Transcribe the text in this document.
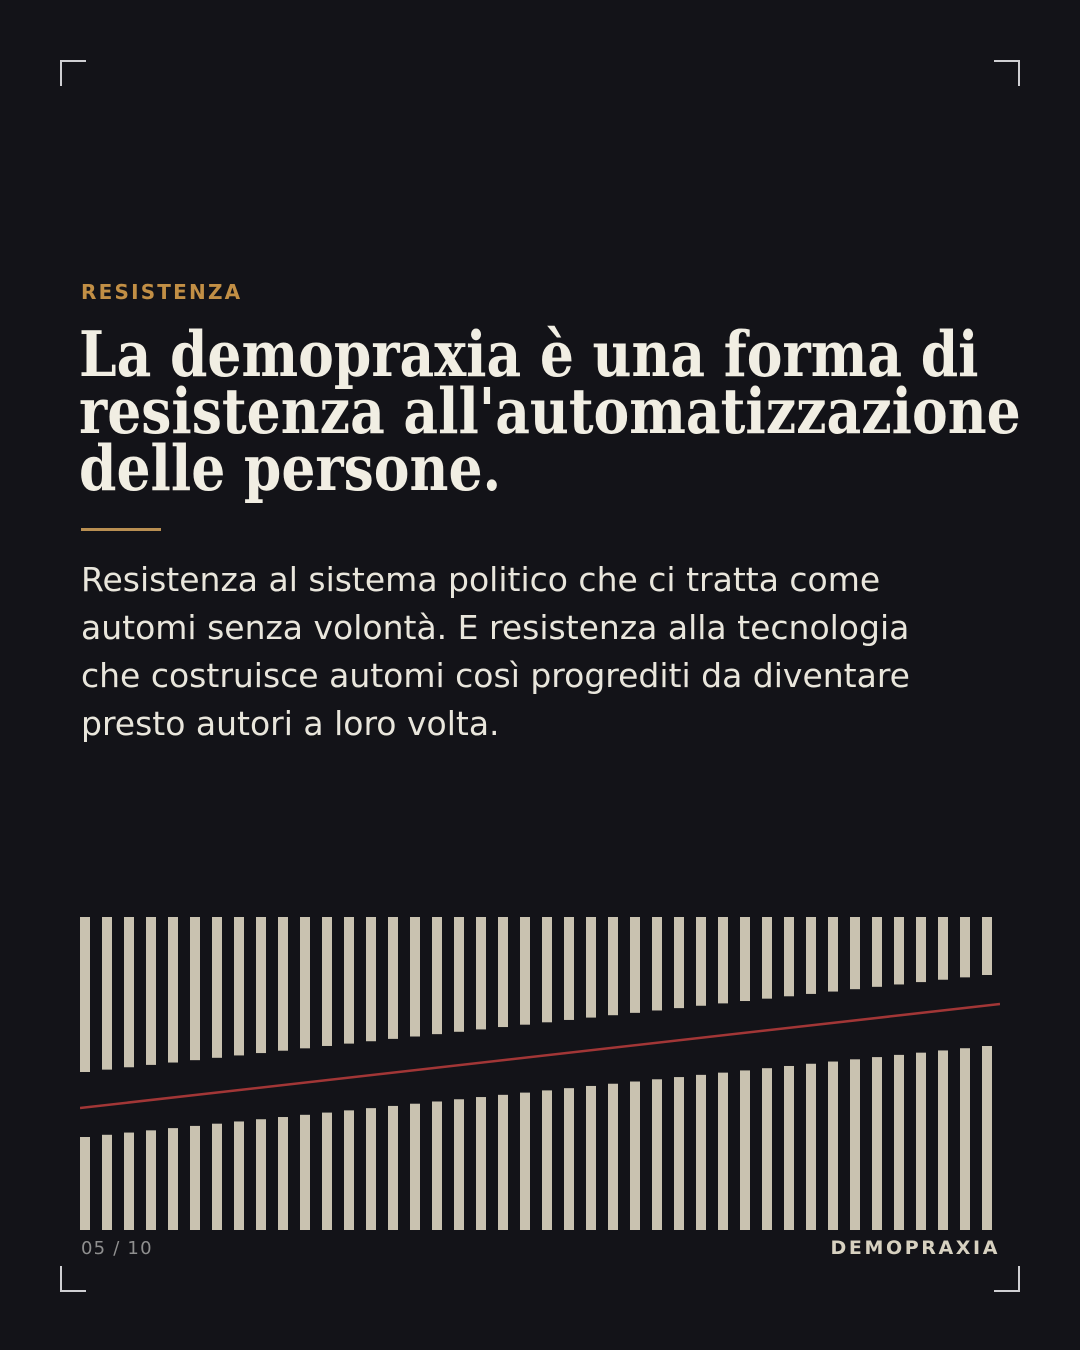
RESISTENZA
La demopraxia è una forma di
resistenza all'automatizzazione
delle persone.

Resistenza al sistema politico che ci tratta come
automi senza volontà. E resistenza alla tecnologia
che costruisce automi così progrediti da diventare
presto autori a loro volta.

05 / 10	DEMOPRAXIA
